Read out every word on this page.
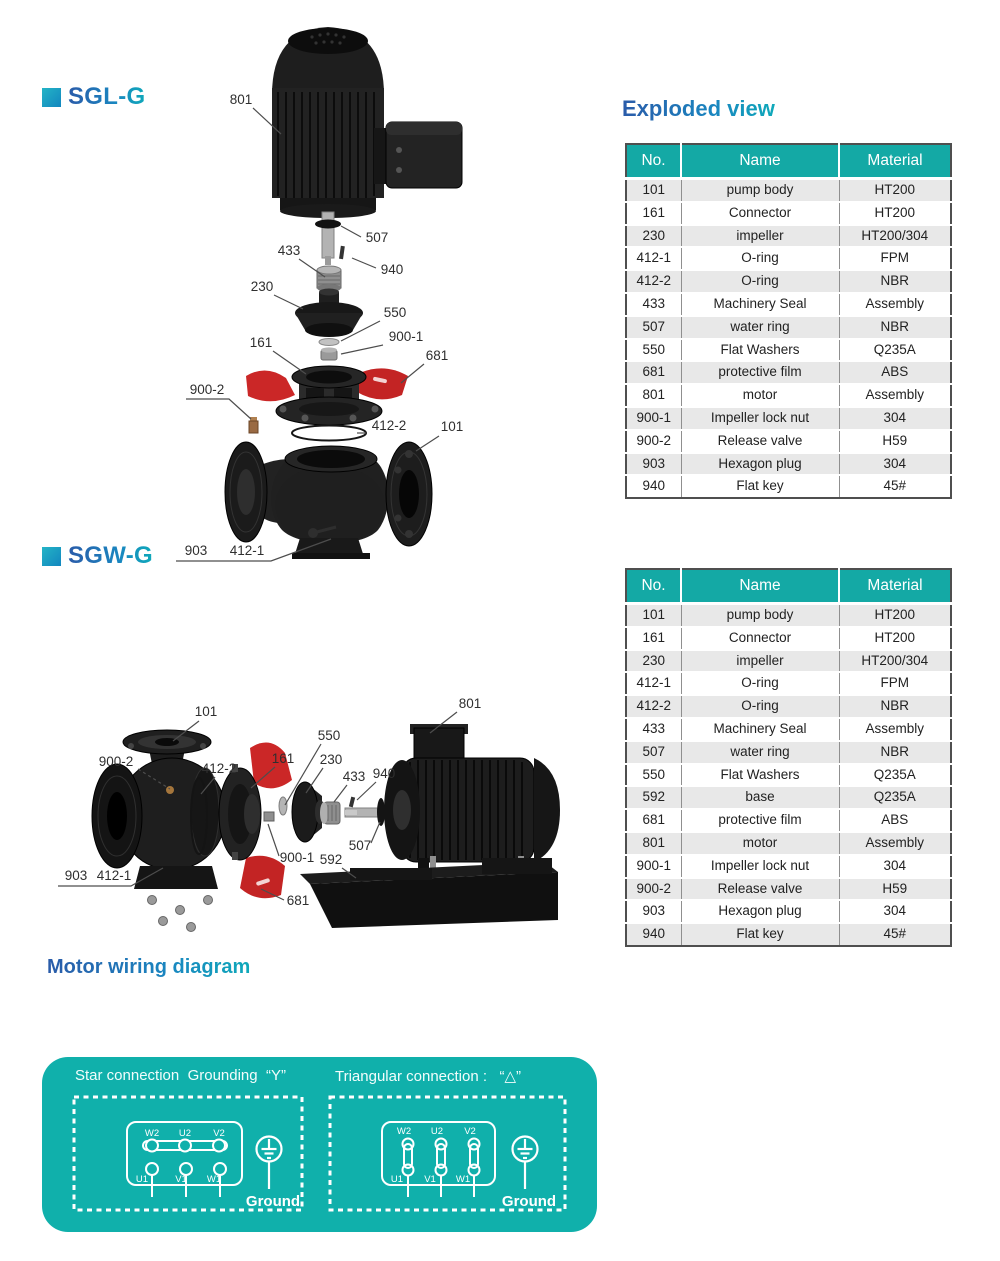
SGL-G
SGW-G
Exploded view
No.	Name	Material
101	pump body	HT200
161	Connector	HT200
230	impeller	HT200/304
412-1	O-ring	FPM
412-2	O-ring	NBR
433	Machinery Seal	Assembly
507	water ring	NBR
550	Flat Washers	Q235A
681	protective film	ABS
801	motor	Assembly
900-1	Impeller lock nut	304
900-2	Release valve	H59
903	Hexagon plug	304
940	Flat key	45#
No.	Name	Material
101	pump body	HT200
161	Connector	HT200
230	impeller	HT200/304
412-1	O-ring	FPM
412-2	O-ring	NBR
433	Machinery Seal	Assembly
507	water ring	NBR
550	Flat Washers	Q235A
592	base	Q235A
681	protective film	ABS
801	motor	Assembly
900-1	Impeller lock nut	304
900-2	Release valve	H59
903	Hexagon plug	304
940	Flat key	45#
801
433
507
940
230
550
900-1
161
681
900-2
412-2	101
903 412-1
101
900-2	412-2
161
550
230
433 940
801
507
900-1 592
903 412-1
681
Motor wiring diagram
Star connection  Grounding  “Y”	Triangular connection :   “△”
W2 U2 V2
U1	V1 W1
W2 U2 V2
U1 V1 W1
Ground	Ground
